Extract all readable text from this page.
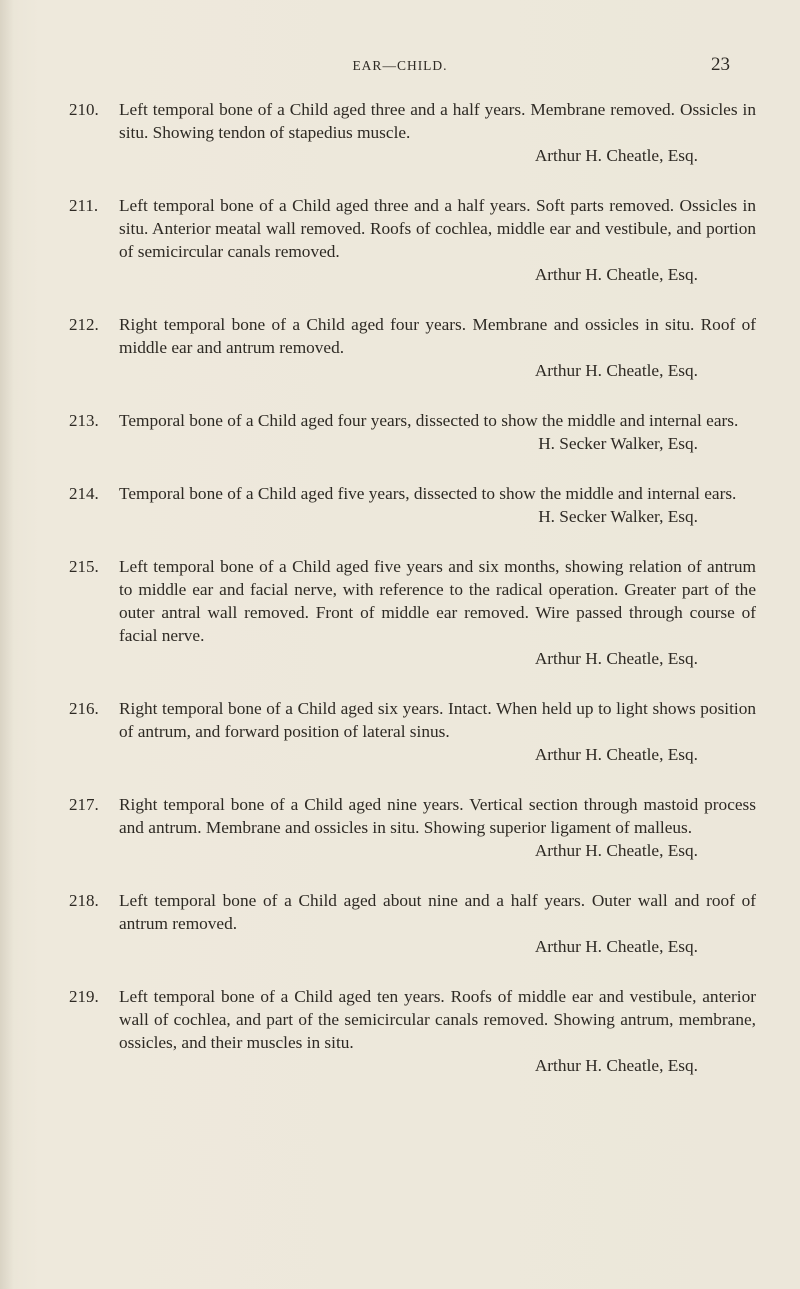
EAR—CHILD.	23
210.	Left temporal bone of a Child aged three and a half years. Membrane removed. Ossicles in situ. Showing tendon of stapedius muscle.
Arthur H. Cheatle, Esq.
211.	Left temporal bone of a Child aged three and a half years. Soft parts removed. Ossicles in situ. Anterior meatal wall removed. Roofs of cochlea, middle ear and vestibule, and portion of semicircular canals removed.
Arthur H. Cheatle, Esq.
212.	Right temporal bone of a Child aged four years. Membrane and ossicles in situ. Roof of middle ear and antrum removed.
Arthur H. Cheatle, Esq.
213.	Temporal bone of a Child aged four years, dissected to show the middle and internal ears.
H. Secker Walker, Esq.
214.	Temporal bone of a Child aged five years, dissected to show the middle and internal ears.
H. Secker Walker, Esq.
215.	Left temporal bone of a Child aged five years and six months, showing relation of antrum to middle ear and facial nerve, with reference to the radical operation. Greater part of the outer antral wall removed. Front of middle ear removed. Wire passed through course of facial nerve.
Arthur H. Cheatle, Esq.
216.	Right temporal bone of a Child aged six years. Intact. When held up to light shows position of antrum, and forward position of lateral sinus.
Arthur H. Cheatle, Esq.
217.	Right temporal bone of a Child aged nine years. Vertical section through mastoid process and antrum. Membrane and ossicles in situ. Showing superior ligament of malleus.
Arthur H. Cheatle, Esq.
218.	Left temporal bone of a Child aged about nine and a half years. Outer wall and roof of antrum removed.
Arthur H. Cheatle, Esq.
219.	Left temporal bone of a Child aged ten years. Roofs of middle ear and vestibule, anterior wall of cochlea, and part of the semicircular canals removed. Showing antrum, membrane, ossicles, and their muscles in situ.
Arthur H. Cheatle, Esq.
